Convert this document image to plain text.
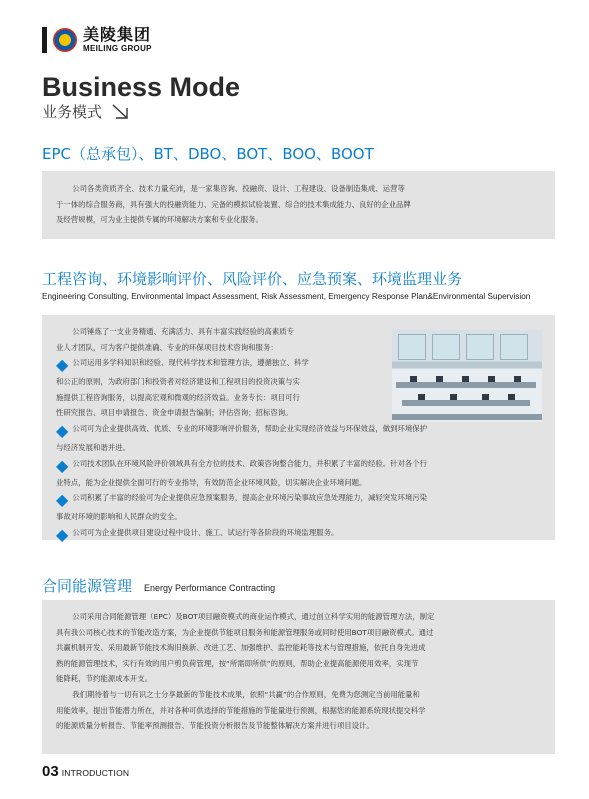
美陵集团
MEILING GROUP
Business Mode
业务模式
EPC（总承包）、BT、DBO、BOT、BOO、BOOT

公司各类资质齐全、技术力量充沛，是一家集咨询、投融资、设计、工程建设、设备制造集成、运营等

于一体的综合服务商，具有强大的投融资能力、完备的模拟试验装置、综合的技术集成能力、良好的企业品牌

及经营规模，可为业主提供专属的环境解决方案和专业化服务。

工程咨询、环境影响评价、风险评价、应急预案、环境监理业务
Engineering Consulting, Environmental Impact Assessment, Risk Assessment, Emergency Response Plan&Environmental Supervision

公司锤炼了一支业务精通、充满活力、具有丰富实践经验的高素质专

业人才团队，可为客户提供准确、专业的环保项目技术咨询和服务：

◆ 公司运用多学科知识和经验、现代科学技术和管理方法，遵循独立、科学

和公正的原则，为政府部门和投资者对经济建设和工程项目的投资决策与实

施提供工程咨询服务，以提高宏观和微观的经济效益。业务专长：项目可行

性研究报告、项目申请报告、资金申请报告编制；评估咨询；招标咨询。

◆ 公司可为企业提供高效、优质、专业的环境影响评价服务，帮助企业实现经济效益与环保效益，做到环境保护

与经济发展和谐并进。

◆ 公司技术团队在环境风险评价领域具有全方位的技术、政策咨询整合能力，并积累了丰富的经验。针对各个行

业特点，能为企业提供全面可行的专业指导，有效防范企业环境风险，切实解决企业环境问题。

◆ 公司积累了丰富的经验可为企业提供应急预案服务，提高企业环境污染事故应急处理能力，减轻突发环境污染

事故对环境的影响和人民群众的安全。

◆ 公司可为企业提供项目建设过程中设计、施工、试运行等各阶段的环境监理服务。

合同能源管理 Energy Performance Contracting

公司采用合同能源管理（EPC）及BOT项目融资模式的商业运作模式，通过创立科学实用的能源管理方法，制定

具有我公司核心技术的节能改造方案，为企业提供节能项目服务和能源管理服务或同时使用BOT项目融资模式。通过

共赢机制开发、采用最新节能技术淘旧换新、改进工艺、加强维护、监控能耗等技术与管理措施，依托自身先进成

熟的能源管理技术，实行有效的用户剪负荷管理，按“所需即所供”的原则，帮助企业提高能源使用效率，实现节

能降耗，节约能源成本开支。

我们期待着与一切有识之士分享最新的节能技术成果，依照“共赢”的合作原则，免费为您测定当前用能量和

用能效率，提出节能潜力所在，并对各种可供选择的节能措施的节能量进行预测，根据您的能源系统现状提交科学

的能源质量分析报告、节能率预测报告、节能投资分析报告及节能整体解决方案并进行项目设计。

03 INTRODUCTION
